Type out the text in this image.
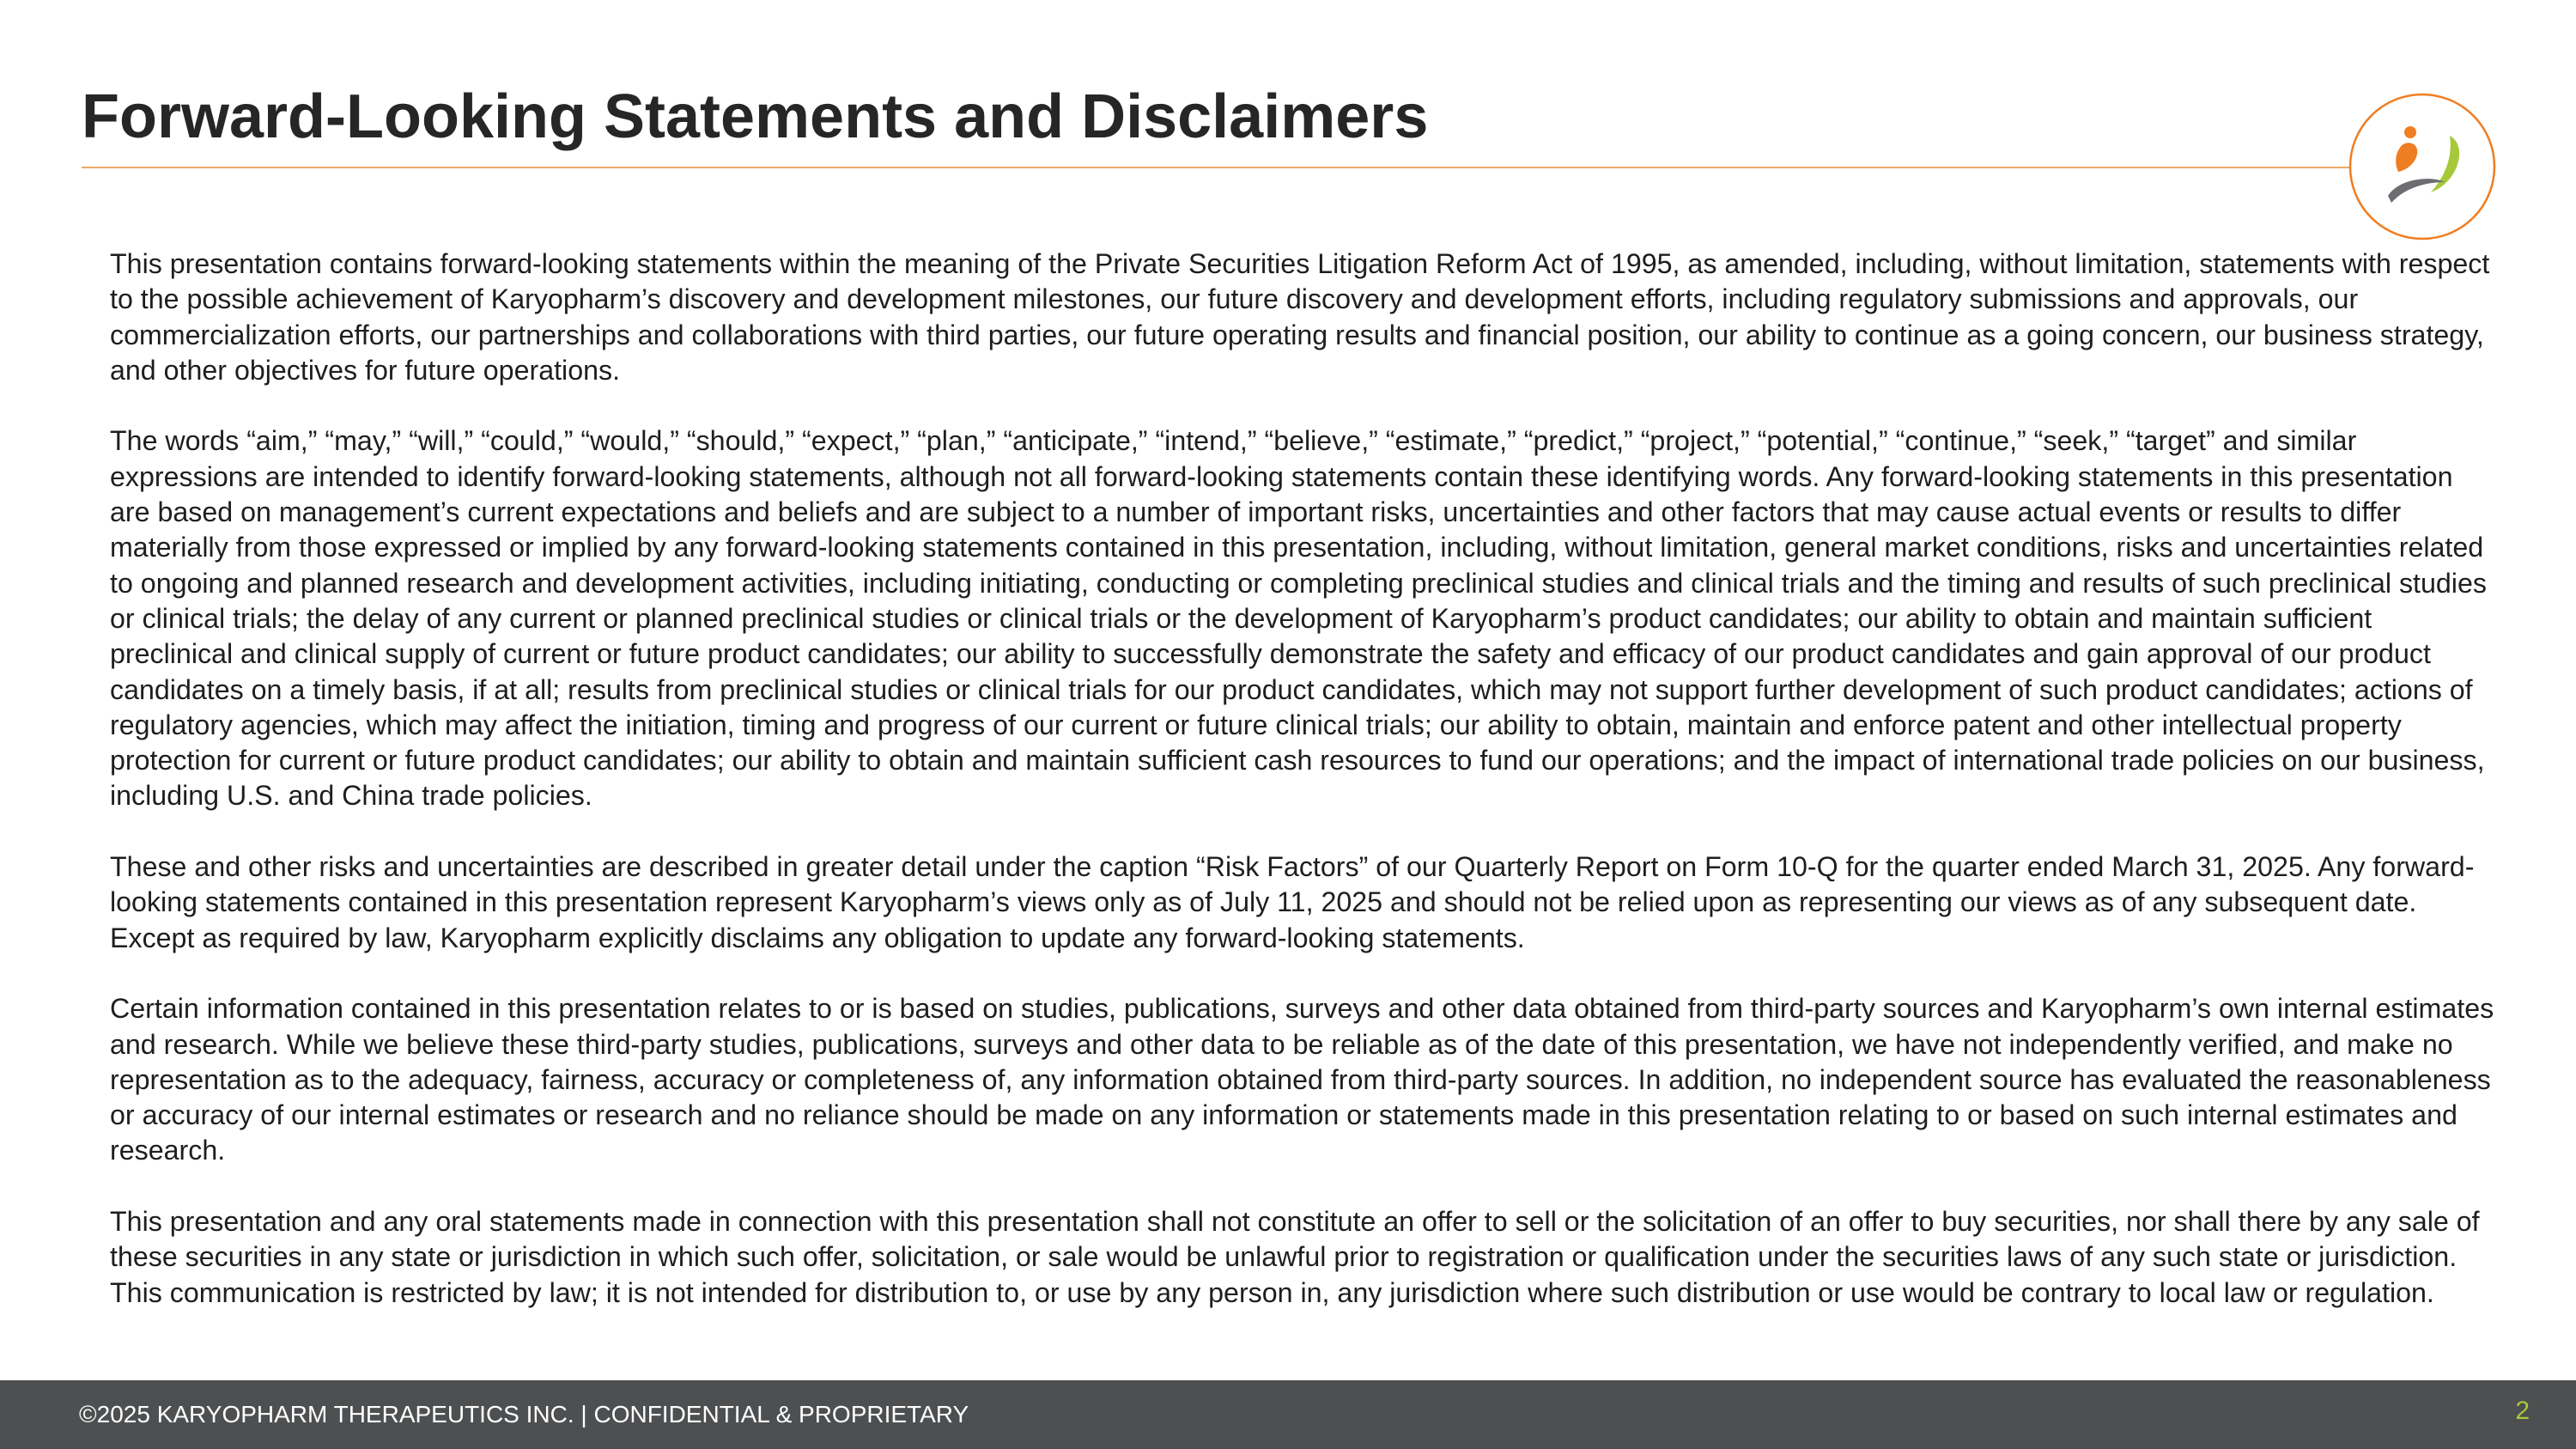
Forward-Looking Statements and Disclaimers

This presentation contains forward-looking statements within the meaning of the Private Securities Litigation Reform Act of 1995, as amended, including, without limitation, statements with respect to the possible achievement of Karyopharm’s discovery and development milestones, our future discovery and development efforts, including regulatory submissions and approvals, our commercialization efforts, our partnerships and collaborations with third parties, our future operating results and financial position, our ability to continue as a going concern, our business strategy, and other objectives for future operations.

The words “aim,” “may,” “will,” “could,” “would,” “should,” “expect,” “plan,” “anticipate,” “intend,” “believe,” “estimate,” “predict,” “project,” “potential,” “continue,” “seek,” “target” and similar expressions are intended to identify forward-looking statements, although not all forward-looking statements contain these identifying words. Any forward-looking statements in this presentation are based on management’s current expectations and beliefs and are subject to a number of important risks, uncertainties and other factors that may cause actual events or results to differ materially from those expressed or implied by any forward-looking statements contained in this presentation, including, without limitation, general market conditions, risks and uncertainties related to ongoing and planned research and development activities, including initiating, conducting or completing preclinical studies and clinical trials and the timing and results of such preclinical studies or clinical trials; the delay of any current or planned preclinical studies or clinical trials or the development of Karyopharm’s product candidates; our ability to obtain and maintain sufficient preclinical and clinical supply of current or future product candidates; our ability to successfully demonstrate the safety and efficacy of our product candidates and gain approval of our product candidates on a timely basis, if at all; results from preclinical studies or clinical trials for our product candidates, which may not support further development of such product candidates; actions of regulatory agencies, which may affect the initiation, timing and progress of our current or future clinical trials; our ability to obtain, maintain and enforce patent and other intellectual property protection for current or future product candidates; our ability to obtain and maintain sufficient cash resources to fund our operations; and the impact of international trade policies on our business, including U.S. and China trade policies.

These and other risks and uncertainties are described in greater detail under the caption “Risk Factors” of our Quarterly Report on Form 10-Q for the quarter ended March 31, 2025. Any forward-looking statements contained in this presentation represent Karyopharm’s views only as of July 11, 2025 and should not be relied upon as representing our views as of any subsequent date. Except as required by law, Karyopharm explicitly disclaims any obligation to update any forward-looking statements.

Certain information contained in this presentation relates to or is based on studies, publications, surveys and other data obtained from third-party sources and Karyopharm’s own internal estimates and research. While we believe these third-party studies, publications, surveys and other data to be reliable as of the date of this presentation, we have not independently verified, and make no representation as to the adequacy, fairness, accuracy or completeness of, any information obtained from third-party sources. In addition, no independent source has evaluated the reasonableness or accuracy of our internal estimates or research and no reliance should be made on any information or statements made in this presentation relating to or based on such internal estimates and research.

This presentation and any oral statements made in connection with this presentation shall not constitute an offer to sell or the solicitation of an offer to buy securities, nor shall there by any sale of these securities in any state or jurisdiction in which such offer, solicitation, or sale would be unlawful prior to registration or qualification under the securities laws of any such state or jurisdiction. This communication is restricted by law; it is not intended for distribution to, or use by any person in, any jurisdiction where such distribution or use would be contrary to local law or regulation.

©2025 KARYOPHARM THERAPEUTICS INC. | CONFIDENTIAL & PROPRIETARY	2
